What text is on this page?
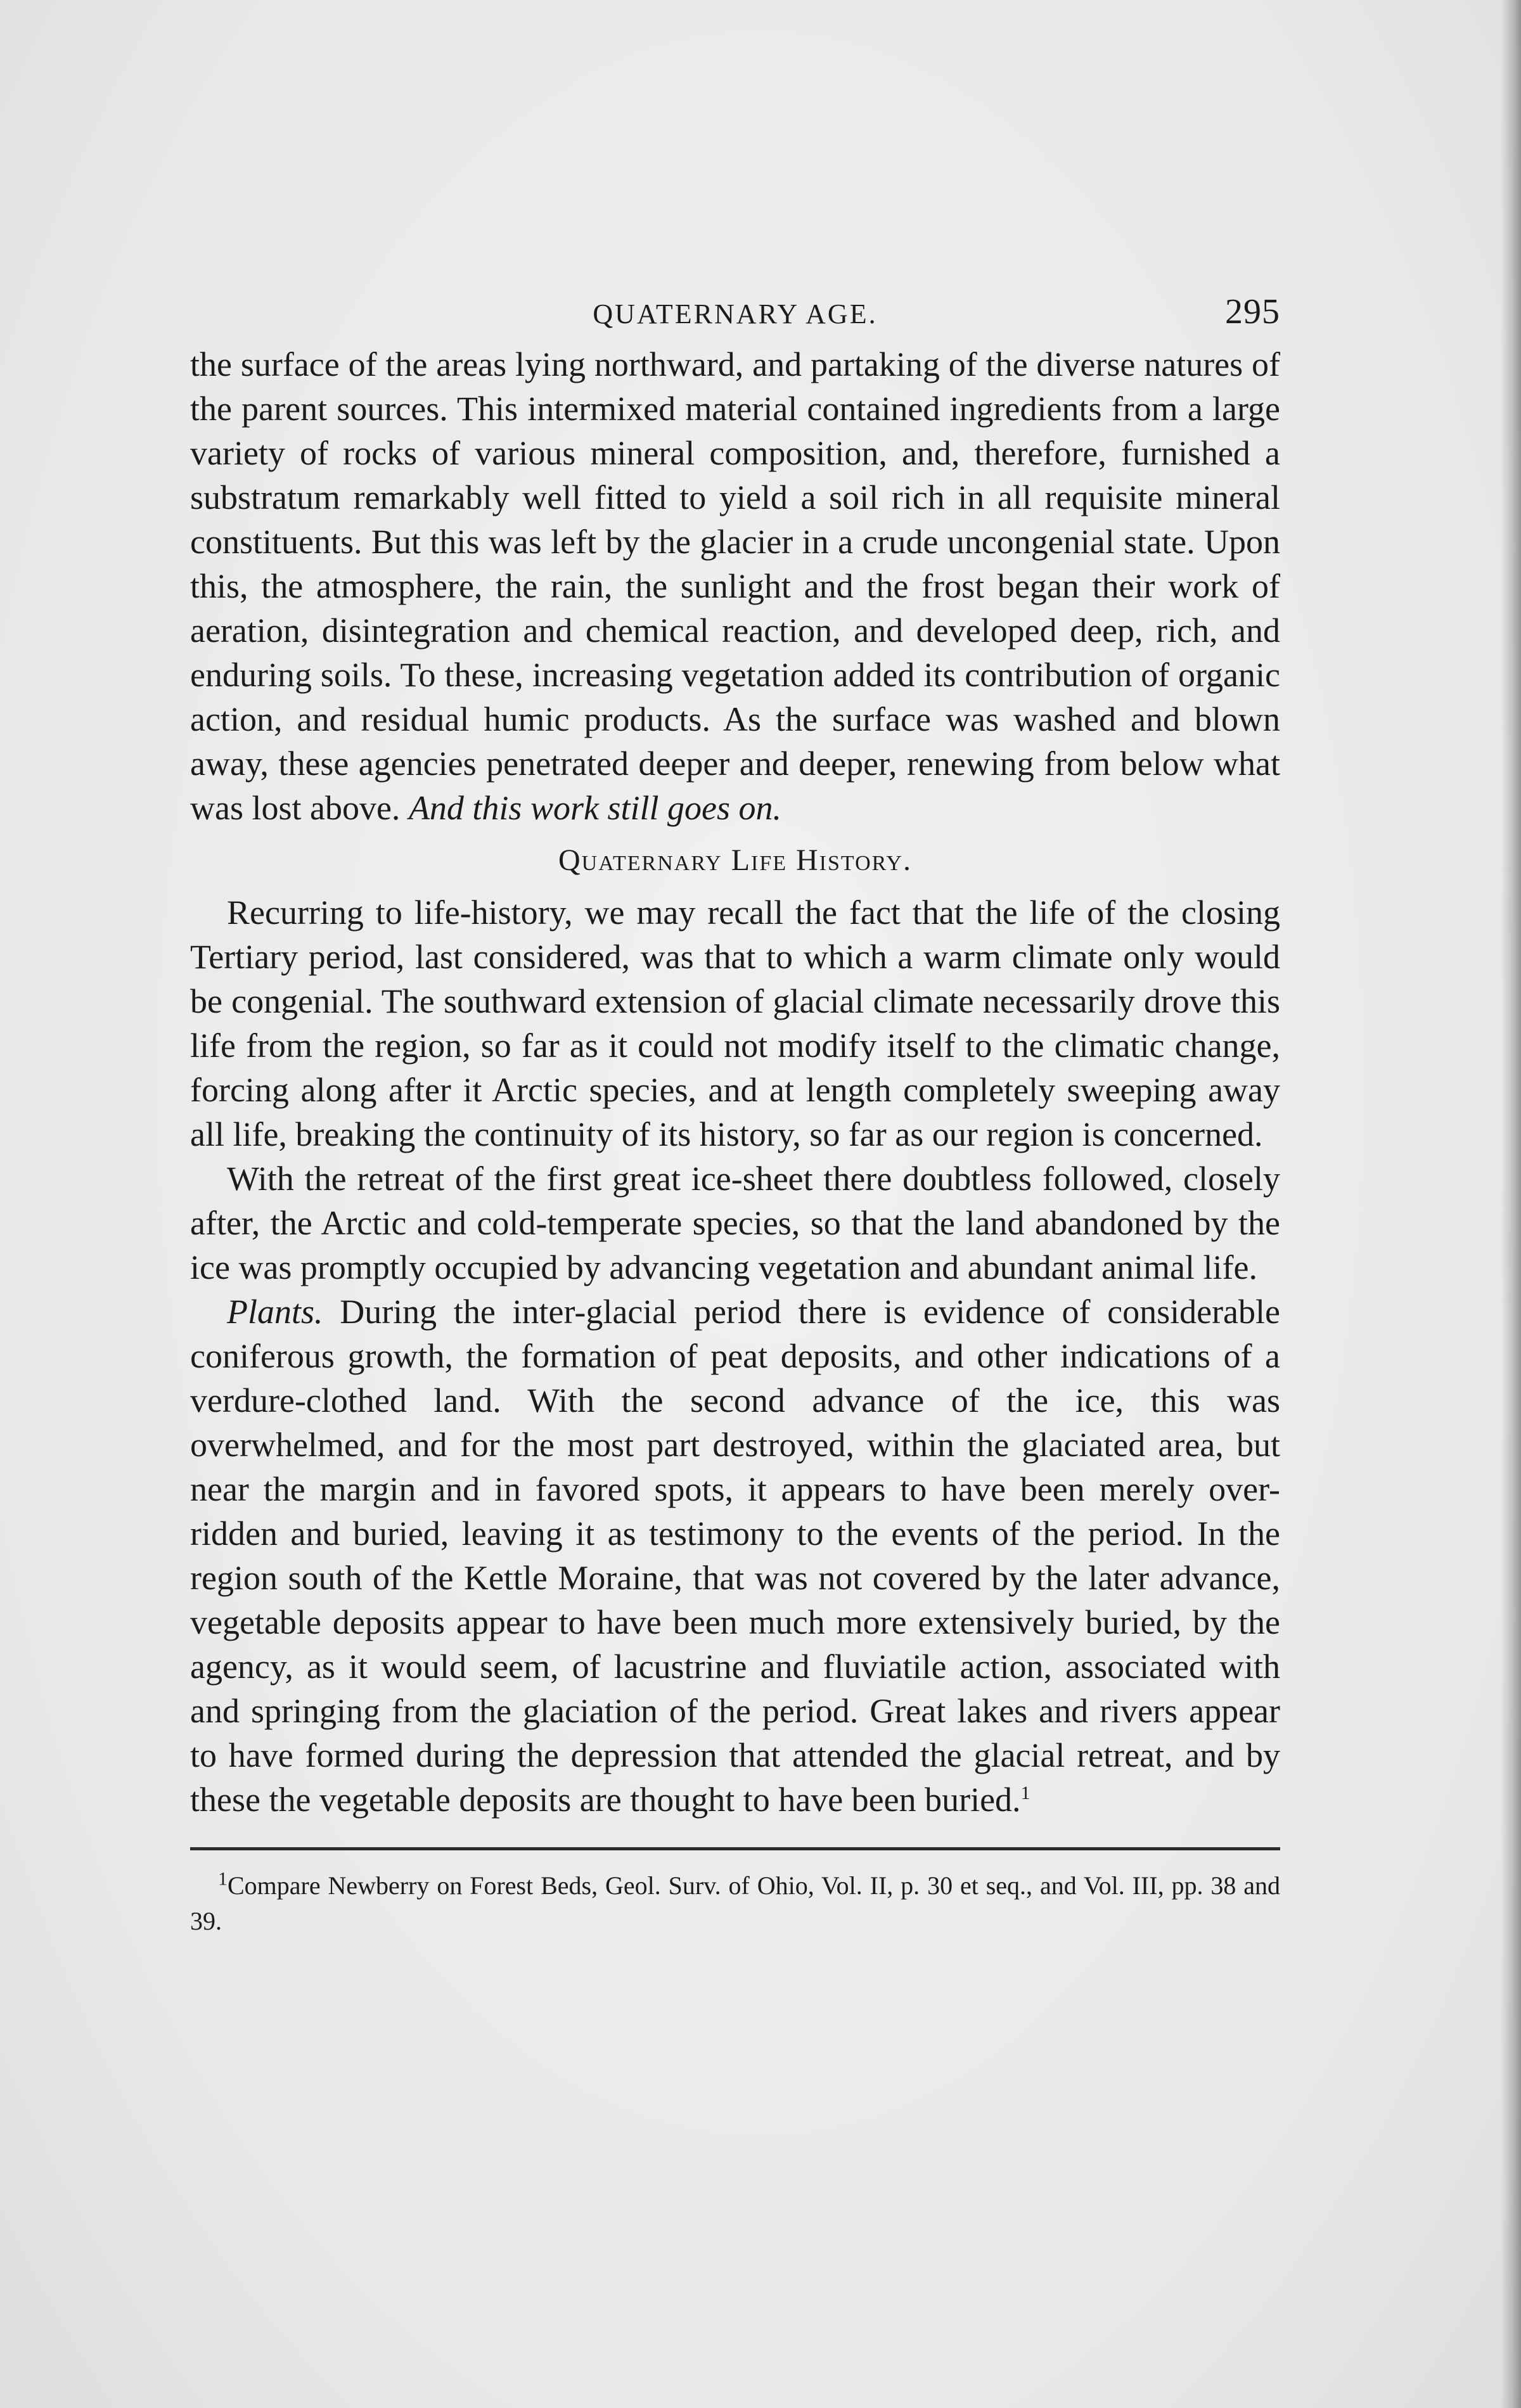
QUATERNARY AGE.	295

the surface of the areas lying northward, and partaking of the diverse natures of the parent sources. This intermixed material contained ingredients from a large variety of rocks of various mineral composition, and, therefore, furnished a substratum remarkably well fitted to yield a soil rich in all requisite mineral constituents. But this was left by the glacier in a crude uncongenial state. Upon this, the atmosphere, the rain, the sunlight and the frost began their work of aeration, disintegration and chemical reaction, and developed deep, rich, and enduring soils. To these, increasing vegetation added its contribution of organic action, and residual humic products. As the surface was washed and blown away, these agencies penetrated deeper and deeper, renewing from below what was lost above. And this work still goes on.

Quaternary Life History.

Recurring to life-history, we may recall the fact that the life of the closing Tertiary period, last considered, was that to which a warm climate only would be congenial. The southward extension of glacial climate necessarily drove this life from the region, so far as it could not modify itself to the climatic change, forcing along after it Arctic species, and at length completely sweeping away all life, breaking the continuity of its history, so far as our region is concerned.

With the retreat of the first great ice-sheet there doubtless followed, closely after, the Arctic and cold-temperate species, so that the land abandoned by the ice was promptly occupied by advancing vegetation and abundant animal life.

Plants. During the inter-glacial period there is evidence of considerable coniferous growth, the formation of peat deposits, and other indications of a verdure-clothed land. With the second advance of the ice, this was overwhelmed, and for the most part destroyed, within the glaciated area, but near the margin and in favored spots, it appears to have been merely over-ridden and buried, leaving it as testimony to the events of the period. In the region south of the Kettle Moraine, that was not covered by the later advance, vegetable deposits appear to have been much more extensively buried, by the agency, as it would seem, of lacustrine and fluviatile action, associated with and springing from the glaciation of the period. Great lakes and rivers appear to have formed during the depression that attended the glacial retreat, and by these the vegetable deposits are thought to have been buried.$^1$

$^1$Compare Newberry on Forest Beds, Geol. Surv. of Ohio, Vol. II, p. 30 et seq., and Vol. III, pp. 38 and 39.
